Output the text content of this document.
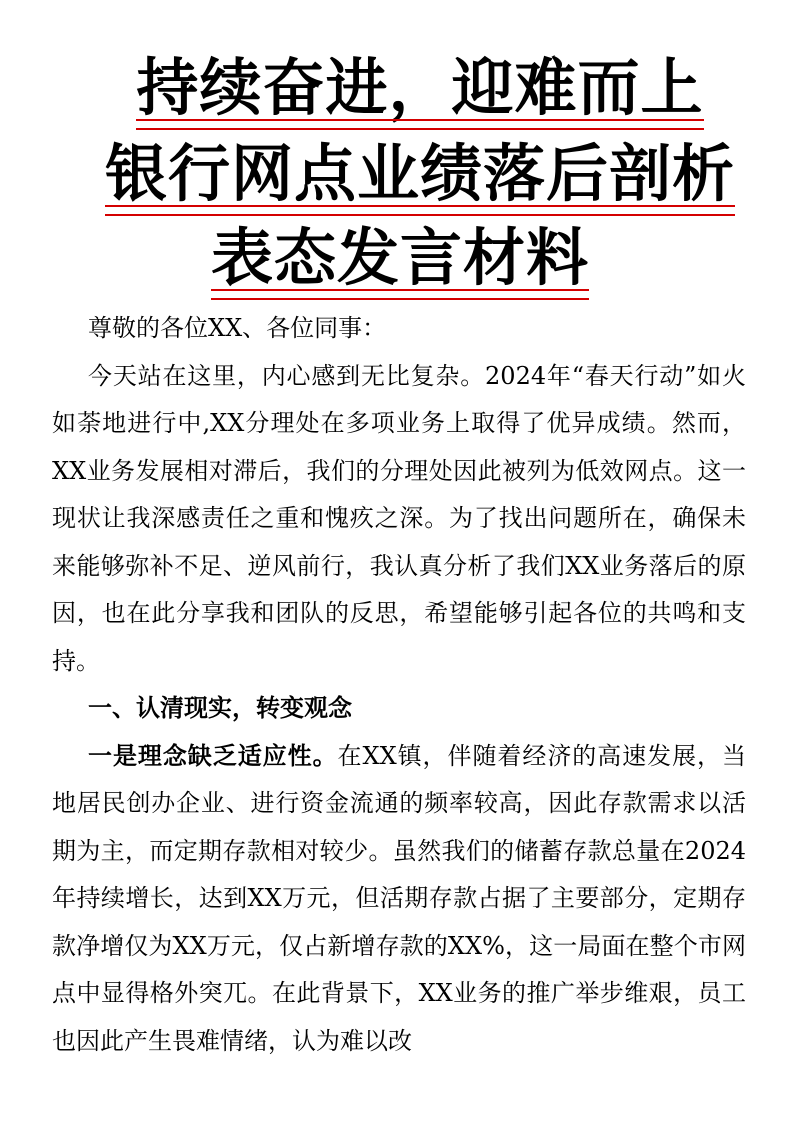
持续奋进，迎难而上
银行网点业绩落后剖析
表态发言材料

尊敬的各位XX、各位同事：

今天站在这里，内心感到无比复杂。2024年“春天行动”如火如荼地进行中,XX分理处在多项业务上取得了优异成绩。然而，XX业务发展相对滞后，我们的分理处因此被列为低效网点。这一现状让我深感责任之重和愧疚之深。为了找出问题所在，确保未来能够弥补不足、逆风前行，我认真分析了我们XX业务落后的原因，也在此分享我和团队的反思，希望能够引起各位的共鸣和支持。

一、认清现实，转变观念

一是理念缺乏适应性。在XX镇，伴随着经济的高速发展，当地居民创办企业、进行资金流通的频率较高，因此存款需求以活期为主，而定期存款相对较少。虽然我们的储蓄存款总量在2024年持续增长，达到XX万元，但活期存款占据了主要部分，定期存款净增仅为XX万元，仅占新增存款的XX%，这一局面在整个市网点中显得格外突兀。在此背景下，XX业务的推广举步维艰，员工也因此产生畏难情绪，认为难以改
